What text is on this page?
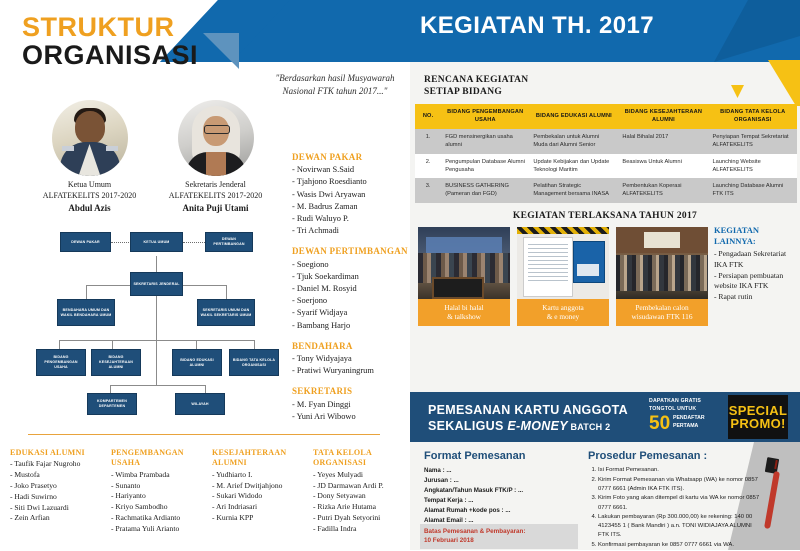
STRUKTUR
ORGANISASI
"Berdasarkan hasil Musyawarah Nasional FTK tahun 2017..."
Ketua Umum
ALFATEKELITS 2017-2020
Abdul Azis
Sekretaris Jenderal
ALFATEKELITS 2017-2020
Anita Puji Utami
DEWAN PAKAR
- Novirwan S.Said
- Tjahjono Roesdianto
- Wasis Dwi Aryawan
- M. Badrus Zaman
- Rudi Waluyo P.
- Tri Achmadi
DEWAN PERTIMBANGAN
- Soegiono
- Tjuk Soekardiman
- Daniel M. Rosyid
- Soerjono
- Syarif Widjaya
- Bambang Harjo
BENDAHARA
- Tony Widyajaya
- Pratiwi Wuryaningrum
SEKRETARIS
- M. Fyan Dinggi
- Yuni Ari Wibowo
DEWAN PAKAR	KETUA UMUM
DEWAN PERTIMBANGAN
SEKRETARIS JENDERAL
BENDAHARA UMUM DAN WAKIL BENDAHARA UMUM
SEKRETARIS UMUM DAN WAKIL SEKRETARIS UMUM
BIDANG PENGEMBANGAN USAHA
BIDANG KESEJAHTERAAN ALUMNI
BIDANG EDUKASI ALUMNI
BIDANG TATA KELOLA ORGANISASI
KOMPARTEMEN DEPARTEMEN
WILAYAH
EDUKASI ALUMNI
- Taufik Fajar Nugroho
- Mustofa
- Joko Prasetyo
- Hadi Suwirno
- Siti Dwi Lazuardi
- Zein Arfian
PENGEMBANGAN USAHA
- Wimba Prambada
- Sunanto
- Hariyanto
- Kriyo Sambodho
- Rachmatika Ardianto
- Pratama Yuli Arianto
KESEJAHTERAAN ALUMNI
- Yudhiarto I.
- M. Arief Dwitjahjono
- Sukari Widodo
- Ari Indriasari
- Kurnia KPP
TATA KELOLA ORGANISASI
- Yeyes Mulyadi
- JD Darmawan Ardi P.
- Dony Setyawan
- Rizka Arie Hutama
- Putri Dyah Setyorini
- Fadilla Indra
RENCANA KEGIATAN
SETIAP BIDANG
NO.	BIDANG PENGEMBANGAN USAHA	BIDANG EDUKASI ALUMNI	BIDANG KESEJAHTERAAN ALUMNI	BIDANG TATA KELOLA ORGANISASI
1.	FGD mensinergikan usaha alumni	Pembekalan untuk Alumni Muda dari Alumni Senior	Halal Bihalal 2017	Penyiapan Tempat Sekretariat ALFATEKELITS
2.	Pengumpulan Database Alumni Pengusaha	Update Kebijakan dan Update Teknologi Maritim	Beasiswa Untuk Alumni	Launching Website ALFATEKELITS
3.	BUSINESS GATHERING (Pameran dan FGD)	Pelatihan Strategic Management bersama INASA	Pembentukan Koperasi ALFATEKELITS	Launching Database Alumni FTK ITS
KEGIATAN TERLAKSANA TAHUN 2017
Halal bi halal
& talkshow
Kartu anggota
& e money
Pembekalan calon
wisudawan FTK 116
KEGIATAN
LAINNYA:
- Pengadaan Sekretariat IKA FTK
- Persiapan pembuatan website IKA FTK
- Rapat rutin
PEMESANAN KARTU ANGGOTA
SEKALIGUS E-MONEY BATCH 2
DAPATKAN GRATIS
TONGTOL UNTUK
50 PENDAFTAR
PERTAMA
SPECIAL
PROMO!
Format Pemesanan
Nama : ...
Jurusan : ...
Angkatan/Tahun Masuk FTK/P : ...
Tempat Kerja : ...
Alamat Rumah +kode pos : ...
Alamat Email : ...
Batas Pemesanan & Pembayaran:
10 Februari 2018
Prosedur Pemesanan :
1. Isi Format Pemesanan.
2. Kirim Format Pemesanan via Whatsapp (WA) ke nomor 0857 0777 6661 (Admin IKA FTK ITS).
3. Kirim Foto yang akan ditempel di kartu via WA ke nomor 0857 0777 6661.
4. Lakukan pembayaran (Rp 300.000,00) ke rekening: 140 00 4123455 1 ( Bank Mandiri ) a.n. TONI WIDIAJAYA ALUMNI FTK ITS.
5. Konfirmasi pembayaran ke 0857 0777 6661 via WA.
KEGIATAN TH. 2017
